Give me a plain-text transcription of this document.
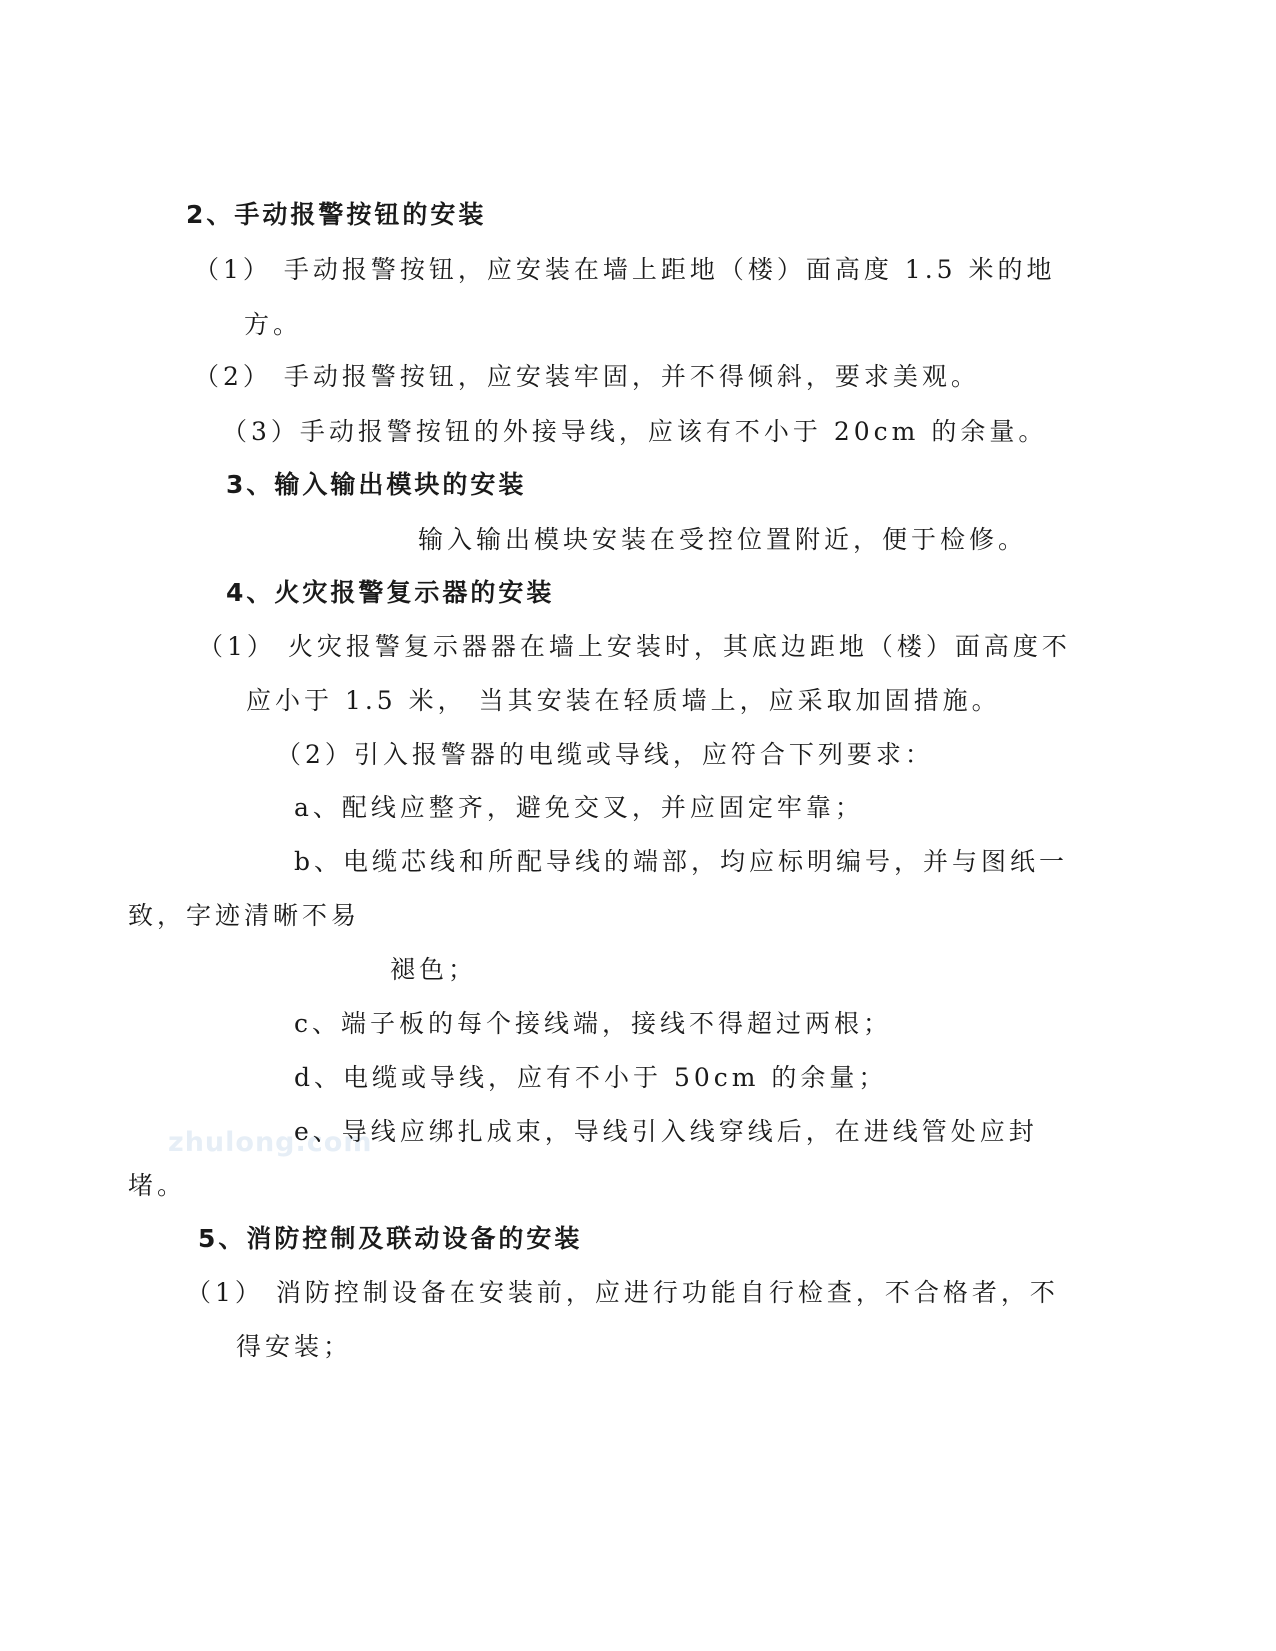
zhulong.com
2、手动报警按钮的安装
（1） 手动报警按钮，应安装在墙上距地（楼）面高度 1.5 米的地
方。
（2） 手动报警按钮，应安装牢固，并不得倾斜，要求美观。
（3）手动报警按钮的外接导线，应该有不小于 20cm 的余量。
3、输入输出模块的安装
输入输出模块安装在受控位置附近，便于检修。
4、火灾报警复示器的安装
（1） 火灾报警复示器器在墙上安装时，其底边距地（楼）面高度不
应小于 1.5 米， 当其安装在轻质墙上，应采取加固措施。
（2）引入报警器的电缆或导线，应符合下列要求：
a、配线应整齐，避免交叉，并应固定牢靠；
b、电缆芯线和所配导线的端部，均应标明编号，并与图纸一
致，字迹清晰不易
褪色；
c、端子板的每个接线端，接线不得超过两根；
d、电缆或导线，应有不小于 50cm 的余量；
e、导线应绑扎成束，导线引入线穿线后，在进线管处应封
堵。
5、消防控制及联动设备的安装
（1） 消防控制设备在安装前，应进行功能自行检查，不合格者，不
得安装；
